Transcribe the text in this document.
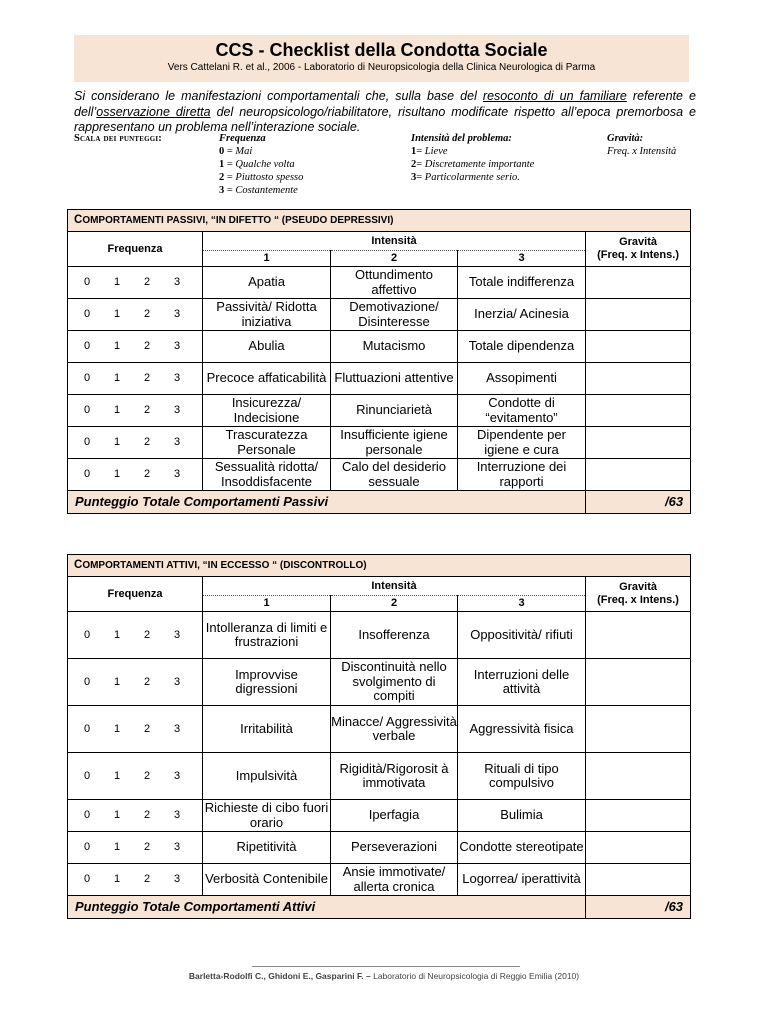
CCS - Checklist della Condotta Sociale
Vers Cattelani R. et al., 2006 - Laboratorio di Neuropsicologia della Clinica Neurologica di Parma
Si considerano le manifestazioni comportamentali che, sulla base del resoconto di un familiare referente e dell’osservazione diretta del neuropsicologo/riabilitatore, risultano modificate rispetto all’epoca premorbosa e rappresentano un problema nell’interazione sociale.
Scala dei punteggi:	Frequenza
0 = Mai
1 = Qualche volta
2 = Piuttosto spesso
3 = Costantemente
Intensità del problema:
1= Lieve
2= Discretamente importante
3= Particolarmente serio.
Gravità:
Freq. x Intensità
COMPORTAMENTI PASSIVI, “IN DIFETTO “ (PSEUDO DEPRESSIVI)				
Frequenza	Intensità			Gravità
(Freq. x Intens.)
	1	2	3	

0 1 2 3	Apatia	Ottundimento affettivo	Totale indifferenza	

0 1 2 3	Passività/ Ridotta iniziativa	Demotivazione/ Disinteresse	Inerzia/ Acinesia	

0 1 2 3	Abulia	Mutacismo	Totale dipendenza	

0 1 2 3	Precoce affaticabilità	Fluttuazioni attentive	Assopimenti	

0 1 2 3	Insicurezza/ Indecisione	Rinunciarietà	Condotte di “evitamento”	

0 1 2 3	Trascuratezza Personale	Insufficiente igiene personale	Dipendente per igiene e cura	

0 1 2 3	Sessualità ridotta/ Insoddisfacente	Calo del desiderio sessuale	Interruzione dei rapporti	
Punteggio Totale Comportamenti Passivi				/63
COMPORTAMENTI ATTIVI, “IN ECCESSO “ (DISCONTROLLO)				
Frequenza	Intensità			Gravità
(Freq. x Intens.)
	1	2	3	

0 1 2 3	Intolleranza di limiti e frustrazioni	Insofferenza	Oppositività/ rifiuti	

0 1 2 3	Improvvise digressioni	Discontinuità nello svolgimento di compiti	Interruzioni delle attività	

0 1 2 3	Irritabilità	Minacce/ Aggressività verbale	Aggressività fisica	

0 1 2 3	Impulsività	Rigidità/Rigorosit à immotivata	Rituali di tipo compulsivo	

0 1 2 3	Richieste di cibo fuori orario	Iperfagia	Bulimia	

0 1 2 3	Ripetitività	Perseverazioni	Condotte stereotipate	

0 1 2 3	Verbosità Contenibile	Ansie immotivate/ allerta cronica	Logorrea/ iperattività	
Punteggio Totale Comportamenti Attivi				/63
Barletta-Rodolfi C., Ghidoni E., Gasparini F. – Laboratorio di Neuropsicologia di Reggio Emilia (2010)
